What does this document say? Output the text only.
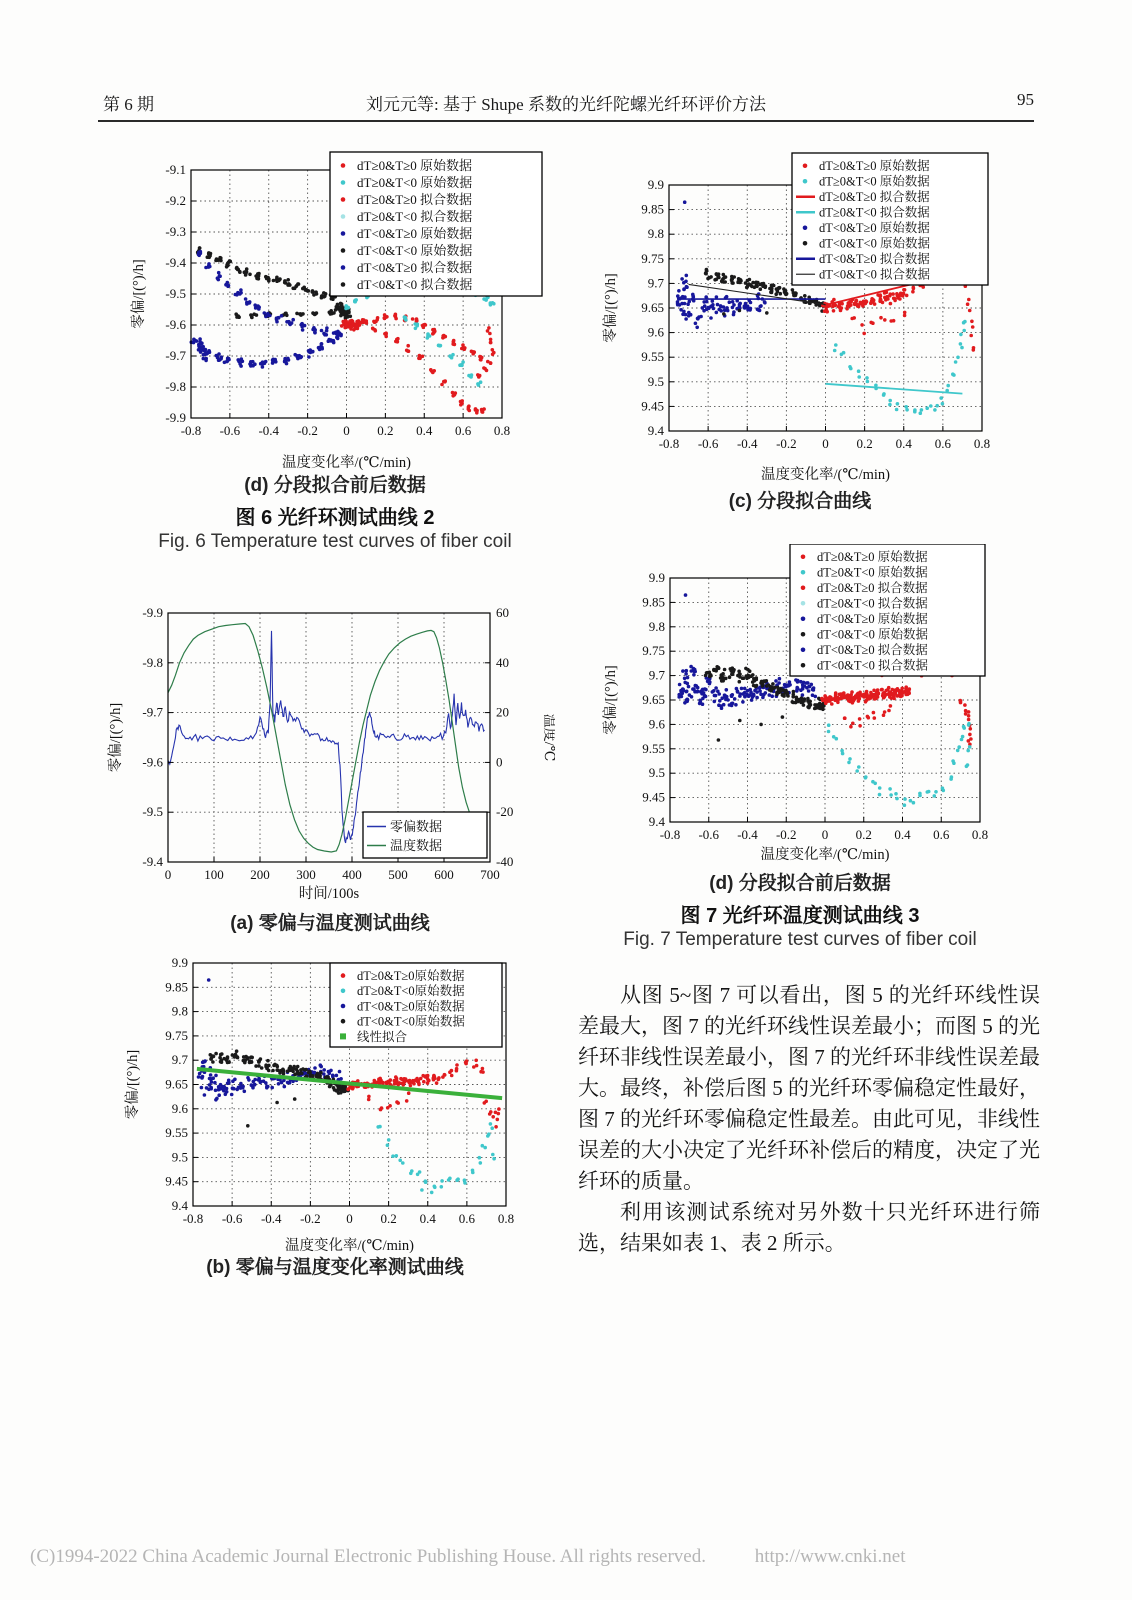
第 6 期	刘元元等: 基于 Shupe 系数的光纤陀螺光纤环评价方法	95
-0.8 -0.6 -0.4 -0.2 0 0.2 0.4 0.6 0.8
-9.1
-9.2
-9.3
-9.4
-9.5
-9.6
-9.7
-9.8
-9.9
温度变化率/(℃/min)
零偏/[(°)/h]
dT≥0&T≥0 原始数据
dT≥0&T<0 原始数据
dT≥0&T≥0 拟合数据
dT≥0&T<0 拟合数据
dT<0&T≥0 原始数据
dT<0&T<0 原始数据
dT<0&T≥0 拟合数据
dT<0&T<0 拟合数据
(d) 分段拟合前后数据
图 6 光纤环测试曲线 2
Fig. 6 Temperature test curves of fiber coil
-0.8 -0.6 -0.4 -0.2 0 0.2 0.4 0.6 0.8
9.9
9.85
9.8
9.75
9.7
9.65
9.6
9.55
9.5
9.45
9.4
温度变化率/(℃/min)
零偏/[(°)/h]
dT≥0&T≥0 原始数据
dT≥0&T<0 原始数据
dT≥0&T≥0 拟合数据
dT≥0&T<0 拟合数据
dT<0&T≥0 原始数据
dT<0&T<0 原始数据
dT<0&T≥0 拟合数据
dT<0&T<0 拟合数据
(c) 分段拟合曲线
0	100 200 300 400 500 600 700
-9.9
-9.8
-9.7
-9.6
-9.5
-9.4
60
40
20
0
-20
-40
温度/℃
时间/100s
零偏/[(°)/h]
零偏数据
温度数据
(a) 零偏与温度测试曲线
-0.8 -0.6 -0.4 -0.2 0 0.2 0.4 0.6 0.8
9.9
9.85
9.8
9.75
9.7
9.65
9.6
9.55
9.5
9.45
9.4
温度变化率/(℃/min)
零偏/[(°)/h]
dT≥0&T≥0原始数据
dT≥0&T<0原始数据
dT<0&T≥0原始数据
dT<0&T<0原始数据
线性拟合
(b) 零偏与温度变化率测试曲线
-0.8 -0.6 -0.4 -0.2 0 0.2 0.4 0.6 0.8
9.9
9.85
9.8
9.75
9.7
9.65
9.6
9.55
9.5
9.45
9.4
温度变化率/(℃/min)
零偏/[(°)/h]
dT≥0&T≥0 原始数据
dT≥0&T<0 原始数据
dT≥0&T≥0 拟合数据
dT≥0&T<0 拟合数据
dT<0&T≥0 原始数据
dT<0&T<0 原始数据
dT<0&T≥0 拟合数据
dT<0&T<0 拟合数据
(d) 分段拟合前后数据
图 7 光纤环温度测试曲线 3
Fig. 7 Temperature test curves of fiber coil

从图 5~图 7 可以看出，图 5 的光纤环线性误差最大，图 7 的光纤环线性误差最小；而图 5 的光纤环非线性误差最小，图 7 的光纤环非线性误差最大。最终，补偿后图 5 的光纤环零偏稳定性最好，图 7 的光纤环零偏稳定性最差。由此可见，非线性误差的大小决定了光纤环补偿后的精度，决定了光纤环的质量。

利用该测试系统对另外数十只光纤环进行筛选，结果如表 1、表 2 所示。

(C)1994-2022 China Academic Journal Electronic Publishing House. All rights reserved.	http://www.cnki.net
